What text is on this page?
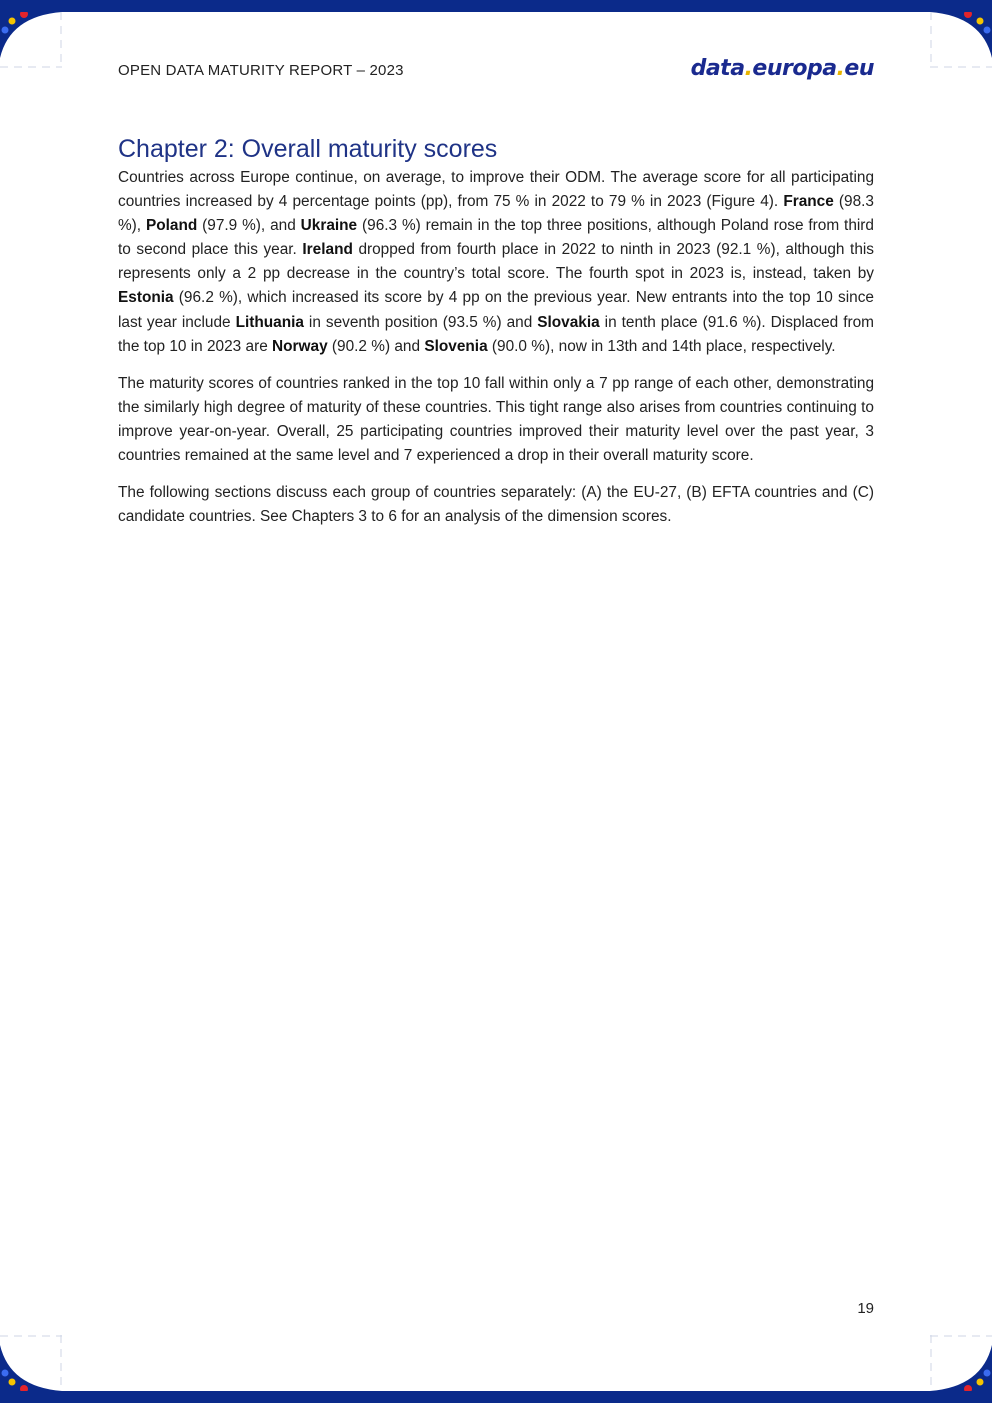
OPEN DATA MATURITY REPORT – 2023	data.europa.eu
Chapter 2: Overall maturity scores

Countries across Europe continue, on average, to improve their ODM. The average score for all participating countries increased by 4 percentage points (pp), from 75 % in 2022 to 79 % in 2023 (Figure 4). France (98.3 %), Poland (97.9 %), and Ukraine (96.3 %) remain in the top three positions, although Poland rose from third to second place this year. Ireland dropped from fourth place in 2022 to ninth in 2023 (92.1 %), although this represents only a 2 pp decrease in the country’s total score. The fourth spot in 2023 is, instead, taken by Estonia (96.2 %), which increased its score by 4 pp on the previous year. New entrants into the top 10 since last year include Lithuania in seventh position (93.5 %) and Slovakia in tenth place (91.6 %). Displaced from the top 10 in 2023 are Norway (90.2 %) and Slovenia (90.0 %), now in 13th and 14th place, respectively.

The maturity scores of countries ranked in the top 10 fall within only a 7 pp range of each other, demonstrating the similarly high degree of maturity of these countries. This tight range also arises from countries continuing to improve year-on-year. Overall, 25 participating countries improved their maturity level over the past year, 3 countries remained at the same level and 7 experienced a drop in their overall maturity score.

The following sections discuss each group of countries separately: (A) the EU-27, (B) EFTA countries and (C) candidate countries. See Chapters 3 to 6 for an analysis of the dimension scores.

19
